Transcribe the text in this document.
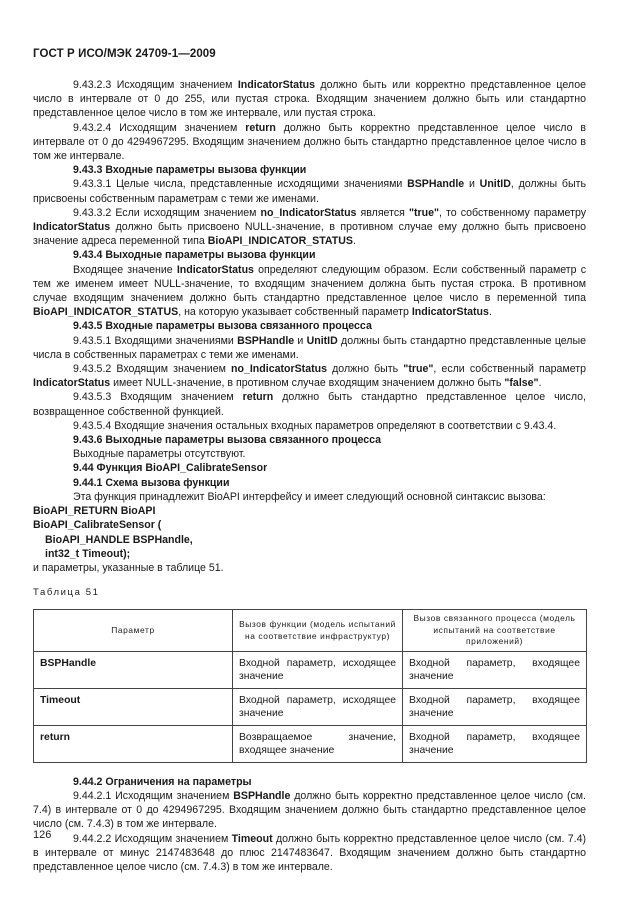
ГОСТ Р ИСО/МЭК 24709-1—2009

9.43.2.3 Исходящим значением IndicatorStatus должно быть или корректно представленное целое число в интервале от 0 до 255, или пустая строка. Входящим значением должно быть или стандартно представленное целое число в том же интервале, или пустая строка.

9.43.2.4 Исходящим значением return должно быть корректно представленное целое число в интервале от 0 до 4294967295. Входящим значением должно быть стандартно представленное целое число в том же интервале.

9.43.3 Входные параметры вызова функции

9.43.3.1 Целые числа, представленные исходящими значениями BSPHandle и UnitID, должны быть присвоены собственным параметрам с теми же именами.

9.43.3.2 Если исходящим значением no_IndicatorStatus является "true", то собственному параметру IndicatorStatus должно быть присвоено NULL-значение, в противном случае ему должно быть присвоено значение адреса переменной типа BioAPI_INDICATOR_STATUS.

9.43.4 Выходные параметры вызова функции

Входящее значение IndicatorStatus определяют следующим образом. Если собственный параметр с тем же именем имеет NULL-значение, то входящим значением должна быть пустая строка. В противном случае входящим значением должно быть стандартно представленное целое число в переменной типа BioAPI_INDICATOR_STATUS, на которую указывает собственный параметр IndicatorStatus.

9.43.5 Входные параметры вызова связанного процесса

9.43.5.1 Входящими значениями BSPHandle и UnitID должны быть стандартно представленные целые числа в собственных параметрах с теми же именами.

9.43.5.2 Входящим значением no_IndicatorStatus должно быть "true", если собственный параметр IndicatorStatus имеет NULL-значение, в противном случае входящим значением должно быть "false".

9.43.5.3 Входящим значением return должно быть стандартно представленное целое число, возвращенное собственной функцией.

9.43.5.4 Входящие значения остальных входных параметров определяют в соответствии с 9.43.4.

9.43.6 Выходные параметры вызова связанного процесса

Выходные параметры отсутствуют.

9.44 Функция BioAPI_CalibrateSensor

9.44.1 Схема вызова функции

Эта функция принадлежит BioAPI интерфейсу и имеет следующий основной синтаксис вызова:

BioAPI_RETURN BioAPI

BioAPI_CalibrateSensor (

BioAPI_HANDLE BSPHandle,

int32_t Timeout);

и параметры, указанные в таблице 51.

Таблица 51
Параметр	Вызов функции (модель испытаний на соответствие инфраструктур)	Вызов связанного процесса (модель испытаний на соответствие приложений)
BSPHandle	Входной параметр, исходящее значение	Входной параметр, входящее значение
Timeout	Входной параметр, исходящее значение	Входной параметр, входящее значение
return	Возвращаемое значение, входящее значение	Входной параметр, входящее значение

9.44.2 Ограничения на параметры

9.44.2.1 Исходящим значением BSPHandle должно быть корректно представленное целое число (см. 7.4) в интервале от 0 до 4294967295. Входящим значением должно быть стандартно представленное целое число (см. 7.4.3) в том же интервале.

9.44.2.2 Исходящим значением Timeout должно быть корректно представленное целое число (см. 7.4) в интервале от минус 2147483648 до плюс 2147483647. Входящим значением должно быть стандартно представленное целое число (см. 7.4.3) в том же интервале.

126
